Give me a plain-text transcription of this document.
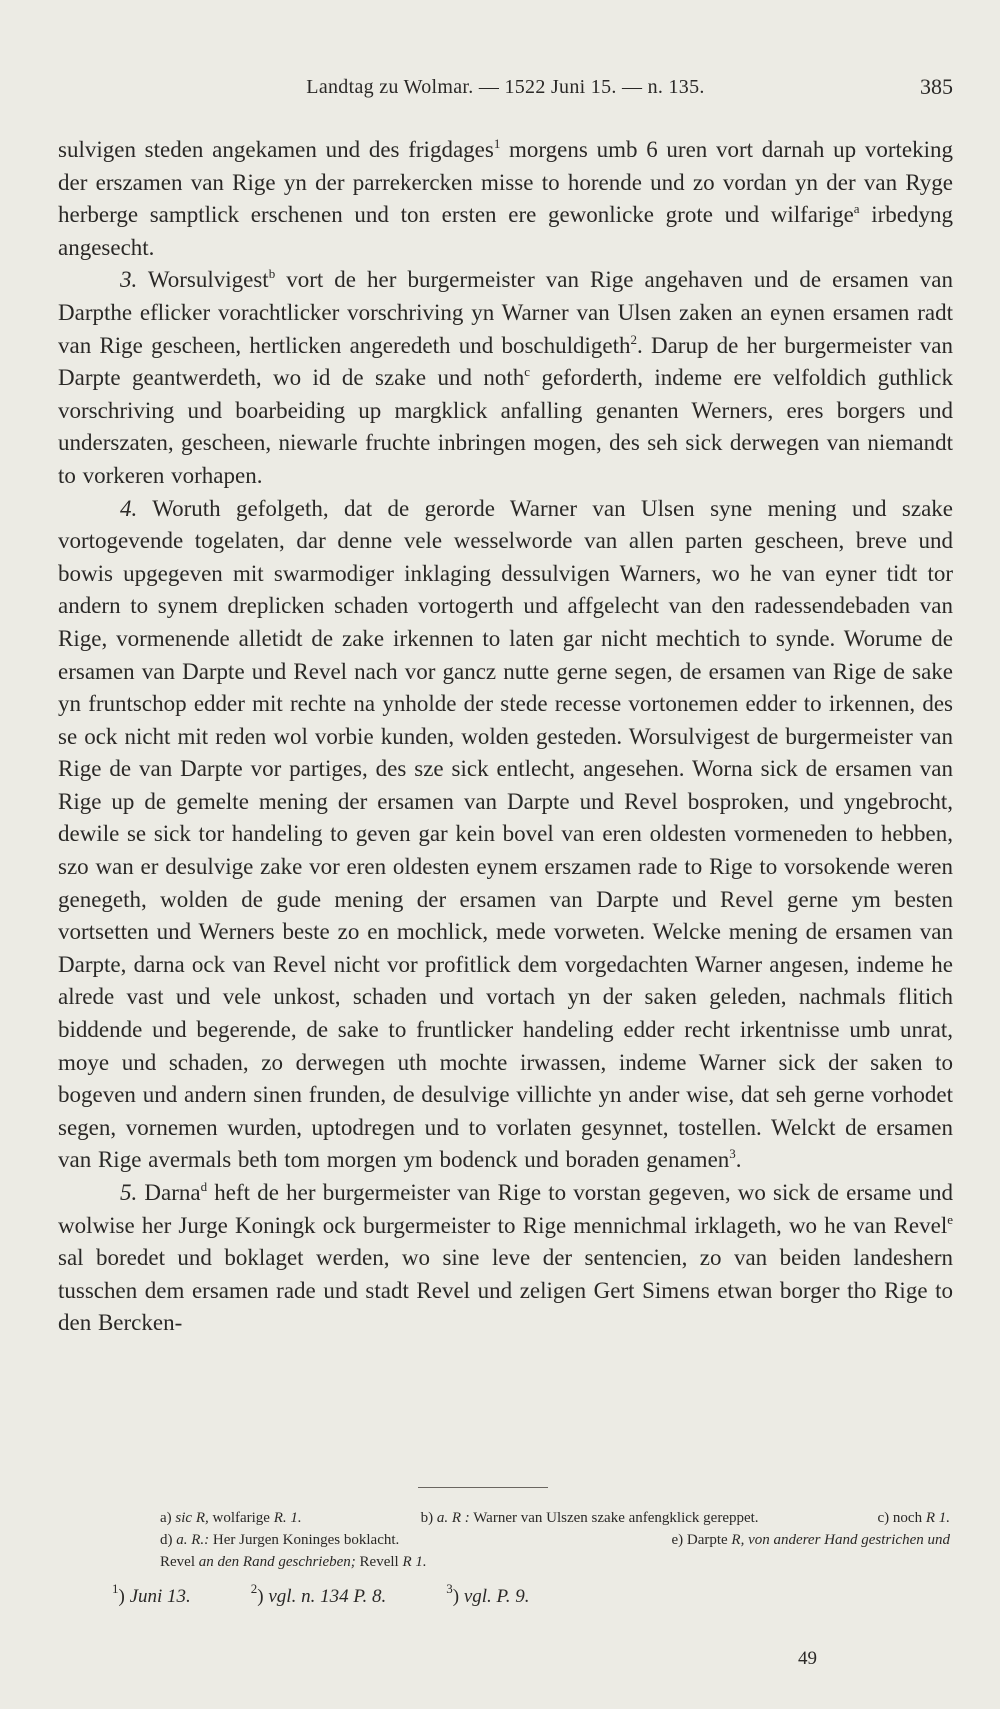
Landtag zu Wolmar. — 1522 Juni 15. — n. 135.	385

sulvigen steden angekamen und des frigdages$^1$ morgens umb 6 uren vort darnah up vorteking der erszamen van Rige yn der parrekercken misse to horende und zo vordan yn der van Ryge herberge samptlick erschenen und ton ersten ere gewonlicke grote und wilfarige$^a$ irbedyng angesecht.

3. Worsulvigest$^b$ vort de her burgermeister van Rige angehaven und de ersamen van Darpthe eflicker vorachtlicker vorschriving yn Warner van Ulsen zaken an eynen ersamen radt van Rige gescheen, hertlicken angeredeth und boschuldigeth$^2$. Darup de her burgermeister van Darpte geantwerdeth, wo id de szake und noth$^c$ geforderth, indeme ere velfoldich guthlick vorschriving und boarbeiding up margklick anfalling genanten Werners, eres borgers und underszaten, gescheen, niewarle fruchte inbringen mogen, des seh sick derwegen van niemandt to vorkeren vorhapen.

4. Woruth gefolgeth, dat de gerorde Warner van Ulsen syne mening und szake vortogevende togelaten, dar denne vele wesselworde van allen parten gescheen, breve und bowis upgegeven mit swarmodiger inklaging dessulvigen Warners, wo he van eyner tidt tor andern to synem dreplicken schaden vortogerth und affgelecht van den radessendebaden van Rige, vormenende alletidt de zake irkennen to laten gar nicht mechtich to synde. Worume de ersamen van Darpte und Revel nach vor gancz nutte gerne segen, de ersamen van Rige de sake yn fruntschop edder mit rechte na ynholde der stede recesse vortonemen edder to irkennen, des se ock nicht mit reden wol vorbie kunden, wolden gesteden. Worsulvigest de burgermeister van Rige de van Darpte vor partiges, des sze sick entlecht, angesehen. Worna sick de ersamen van Rige up de gemelte mening der ersamen van Darpte und Revel bosproken, und yngebrocht, dewile se sick tor handeling to geven gar kein bovel van eren oldesten vormeneden to hebben, szo wan er desulvige zake vor eren oldesten eynem erszamen rade to Rige to vorsokende weren genegeth, wolden de gude mening der ersamen van Darpte und Revel gerne ym besten vortsetten und Werners beste zo en mochlick, mede vorweten. Welcke mening de ersamen van Darpte, darna ock van Revel nicht vor profitlick dem vorgedachten Warner angesen, indeme he alrede vast und vele unkost, schaden und vortach yn der saken geleden, nachmals flitich biddende und begerende, de sake to fruntlicker handeling edder recht irkentnisse umb unrat, moye und schaden, zo derwegen uth mochte irwassen, indeme Warner sick der saken to bogeven und andern sinen frunden, de desulvige villichte yn ander wise, dat seh gerne vorhodet segen, vornemen wurden, uptodregen und to vorlaten gesynnet, tostellen. Welckt de ersamen van Rige avermals beth tom morgen ym bodenck und boraden genamen$^3$.

5. Darna$^d$ heft de her burgermeister van Rige to vorstan gegeven, wo sick de ersame und wolwise her Jurge Koningk ock burgermeister to Rige mennichmal irklageth, wo he van Revel$^e$ sal boredet und boklaget werden, wo sine leve der sentencien, zo van beiden landeshern tusschen dem ersamen rade und stadt Revel und zeligen Gert Simens etwan borger tho Rige to den Bercken-

a) sic R, wolfarige R. 1.	b) a. R : Warner van Ulszen szake anfengklick gereppet.	c) noch R 1.
d) a. R.: Her Jurgen Koninges boklacht.	e) Darpte R, von anderer Hand gestrichen und
Revel an den Rand geschrieben; Revell R 1.
$^1$) Juni 13.	$^2$) vgl. n. 134 P. 8.	$^3$) vgl. P. 9.
49
